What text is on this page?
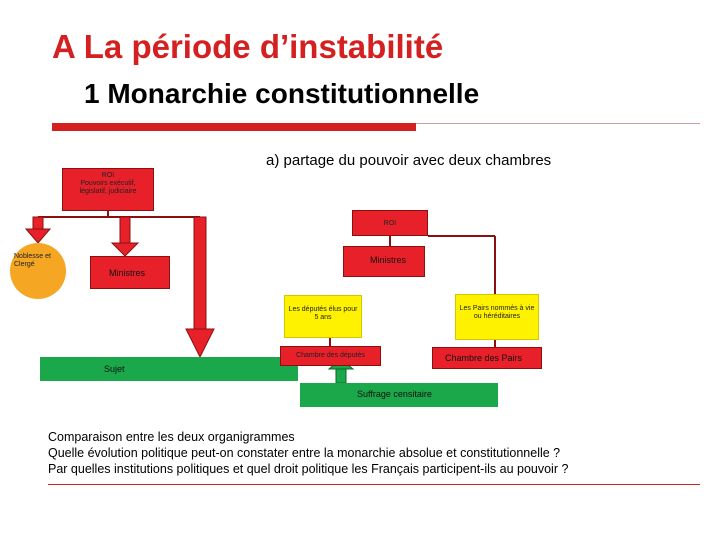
A La période d’instabilité
1 Monarchie constitutionnelle
a) partage du pouvoir avec deux chambres
ROI
Pouvoirs exécutif, législatif, judiciaire
Noblesse et Clergé
Ministres
Sujet
ROI
Ministres
Les députés élus pour 5 ans
Les Pairs nommés à vie ou héréditaires
Chambre des députés	Chambre des Pairs
Suffrage censitaire
Comparaison entre les deux organigrammes
Quelle évolution politique peut-on constater entre la monarchie absolue et constitutionnelle ?
Par quelles institutions politiques et quel droit politique les Français participent-ils au pouvoir ?
